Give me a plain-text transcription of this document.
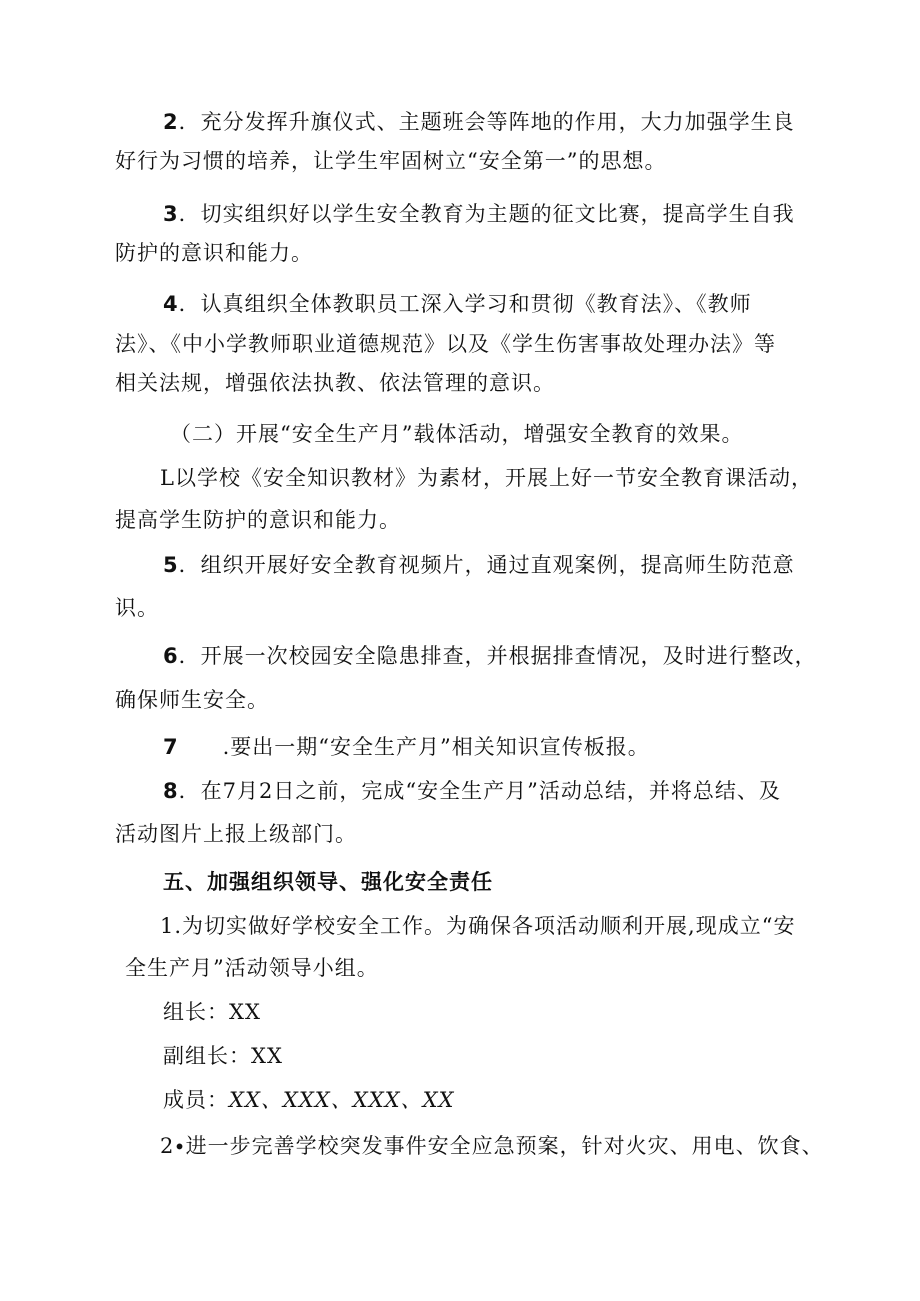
2．充分发挥升旗仪式、主题班会等阵地的作用，大力加强学生良
好行为习惯的培养，让学生牢固树立“安全第一”的思想。
3．切实组织好以学生安全教育为主题的征文比赛，提高学生自我
防护的意识和能力。
4．认真组织全体教职员工深入学习和贯彻《教育法》、《教师
法》、《中小学教师职业道德规范》以及《学生伤害事故处理办法》等
相关法规，增强依法执教、依法管理的意识。
（二）开展“安全生产月”载体活动，增强安全教育的效果。
L以学校《安全知识教材》为素材，开展上好一节安全教育课活动，
提高学生防护的意识和能力。
5．组织开展好安全教育视频片，通过直观案例，提高师生防范意
识。
6．开展一次校园安全隐患排查，并根据排查情况，及时进行整改，
确保师生安全。
7 .要出一期“安全生产月”相关知识宣传板报。
8．在7月2日之前，完成“安全生产月”活动总结，并将总结、及
活动图片上报上级部门。
五、加强组织领导、强化安全责任
1.为切实做好学校安全工作。为确保各项活动顺利开展,现成立“安
全生产月”活动领导小组。
组长：XX
副组长：XX
成员：XX、XXX、XXX、XX
2∙进一步完善学校突发事件安全应急预案，针对火灾、用电、饮食、
